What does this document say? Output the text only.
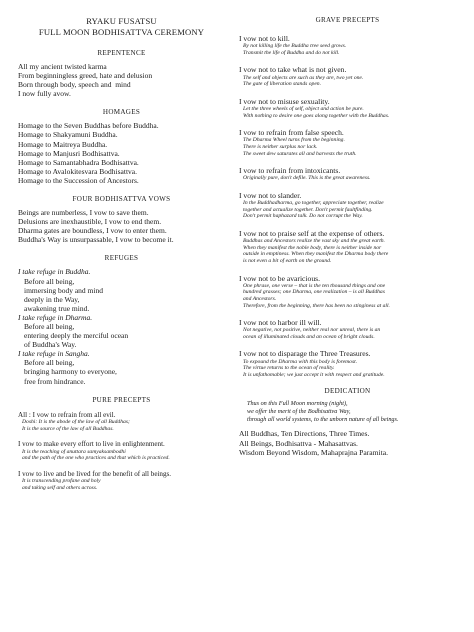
RYAKU FUSATSU
FULL MOON BODHISATTVA CEREMONY
REPENTENCE
All my ancient twisted karma
From beginningless greed, hate and delusion
Born through body, speech and  mind
I now fully avow.
HOMAGES
Homage to the Seven Buddhas before Buddha.
Homage to Shakyamuni Buddha.
Homage to Maitreya Buddha.
Homage to Manjusri Bodhisattva.
Homage to Samantabhadra Bodhisattva.
Homage to Avalokitesvara Bodhisattva.
Homage to the Succession of Ancestors.
FOUR BODHISATTVA VOWS
Beings are numberless, I vow to save them.
Delusions are inexhaustible, I vow to end them.
Dharma gates are boundless, I vow to enter them.
Buddha's Way is unsurpassable, I vow to become it.
REFUGES
I take refuge in Buddha.
Before all being,
immersing body and mind
deeply in the Way,
awakening true mind.
I take refuge in Dharma.
Before all being,
entering deeply the merciful ocean
of Buddha's Way.
I take refuge in Sangha.
Before all being,
bringing harmony to everyone,
free from hindrance.
PURE PRECEPTS
All : I vow to refrain from all evil.
Doshi: It is the abode of the law of all Buddhas;
It is the source of the law of all Buddhas.
I vow to make every effort to live in enlightenment.
It is the teaching of anuttara samyaksambodhi
and the path of the one who practices and that which is practiced.
I vow to live and be lived for the benefit of all beings.
It is transcending profane and holy
and taking self and others across.
GRAVE PRECEPTS
I vow not to kill.
By not killing life the Buddha tree seed grows.
Transmit the life of Buddha and do not kill.
I vow not to take what is not given.
The self and objects are such as they are, two yet one.
The gate of liberation stands open.
I vow not to misuse sexuality.
Let the three wheels of self, object and action be pure.
With nothing to desire one goes along together with the Buddhas.
I vow to refrain from false speech.
The Dharma Wheel turns from the beginning.
There is neither surplus nor lack.
The sweet dew saturates all and harvests the truth.
I vow to refrain from intoxicants.
Originally pure, don't defile. This is the great awareness.
I vow not to slander.
In the Buddhadharma, go together, appreciate together, realize
together and actualize together. Don't permit faultfinding.
Don't permit haphazard talk. Do not corrupt the Way.
I vow not to praise self at the expense of others.
Buddhas and Ancestors realize the vast sky and the great earth.
When they manifest the noble body, there is neither inside nor
outside in emptiness. When they manifest the Dharma body there
is not even a bit of earth on the ground.
I vow not to be avaricious.
One phrase, one verse – that is the ten thousand things and one
hundred grasses; one Dharma, one realization – is all Buddhas
and Ancestors.
Therefore, from the beginning, there has been no stinginess at all.
I vow not to harbor ill will.
Not negative, not positive, neither real nor unreal, there is an
ocean of illuminated clouds and an ocean of bright clouds.
I vow not to disparage the Three Treasures.
To expound the Dharma with this body is foremost.
The virtue returns to the ocean of reality.
It is unfathomable; we just accept it with respect and gratitude.
DEDICATION
Thus on this Full Moon morning (night),
we offer the merit of the Bodhisattva Way,
through all world systems, to the unborn nature of all beings.
All Buddhas, Ten Directions, Three Times.
All Beings, Bodhisattva - Mahasattvas.
Wisdom Beyond Wisdom, Mahaprajna Paramita.
